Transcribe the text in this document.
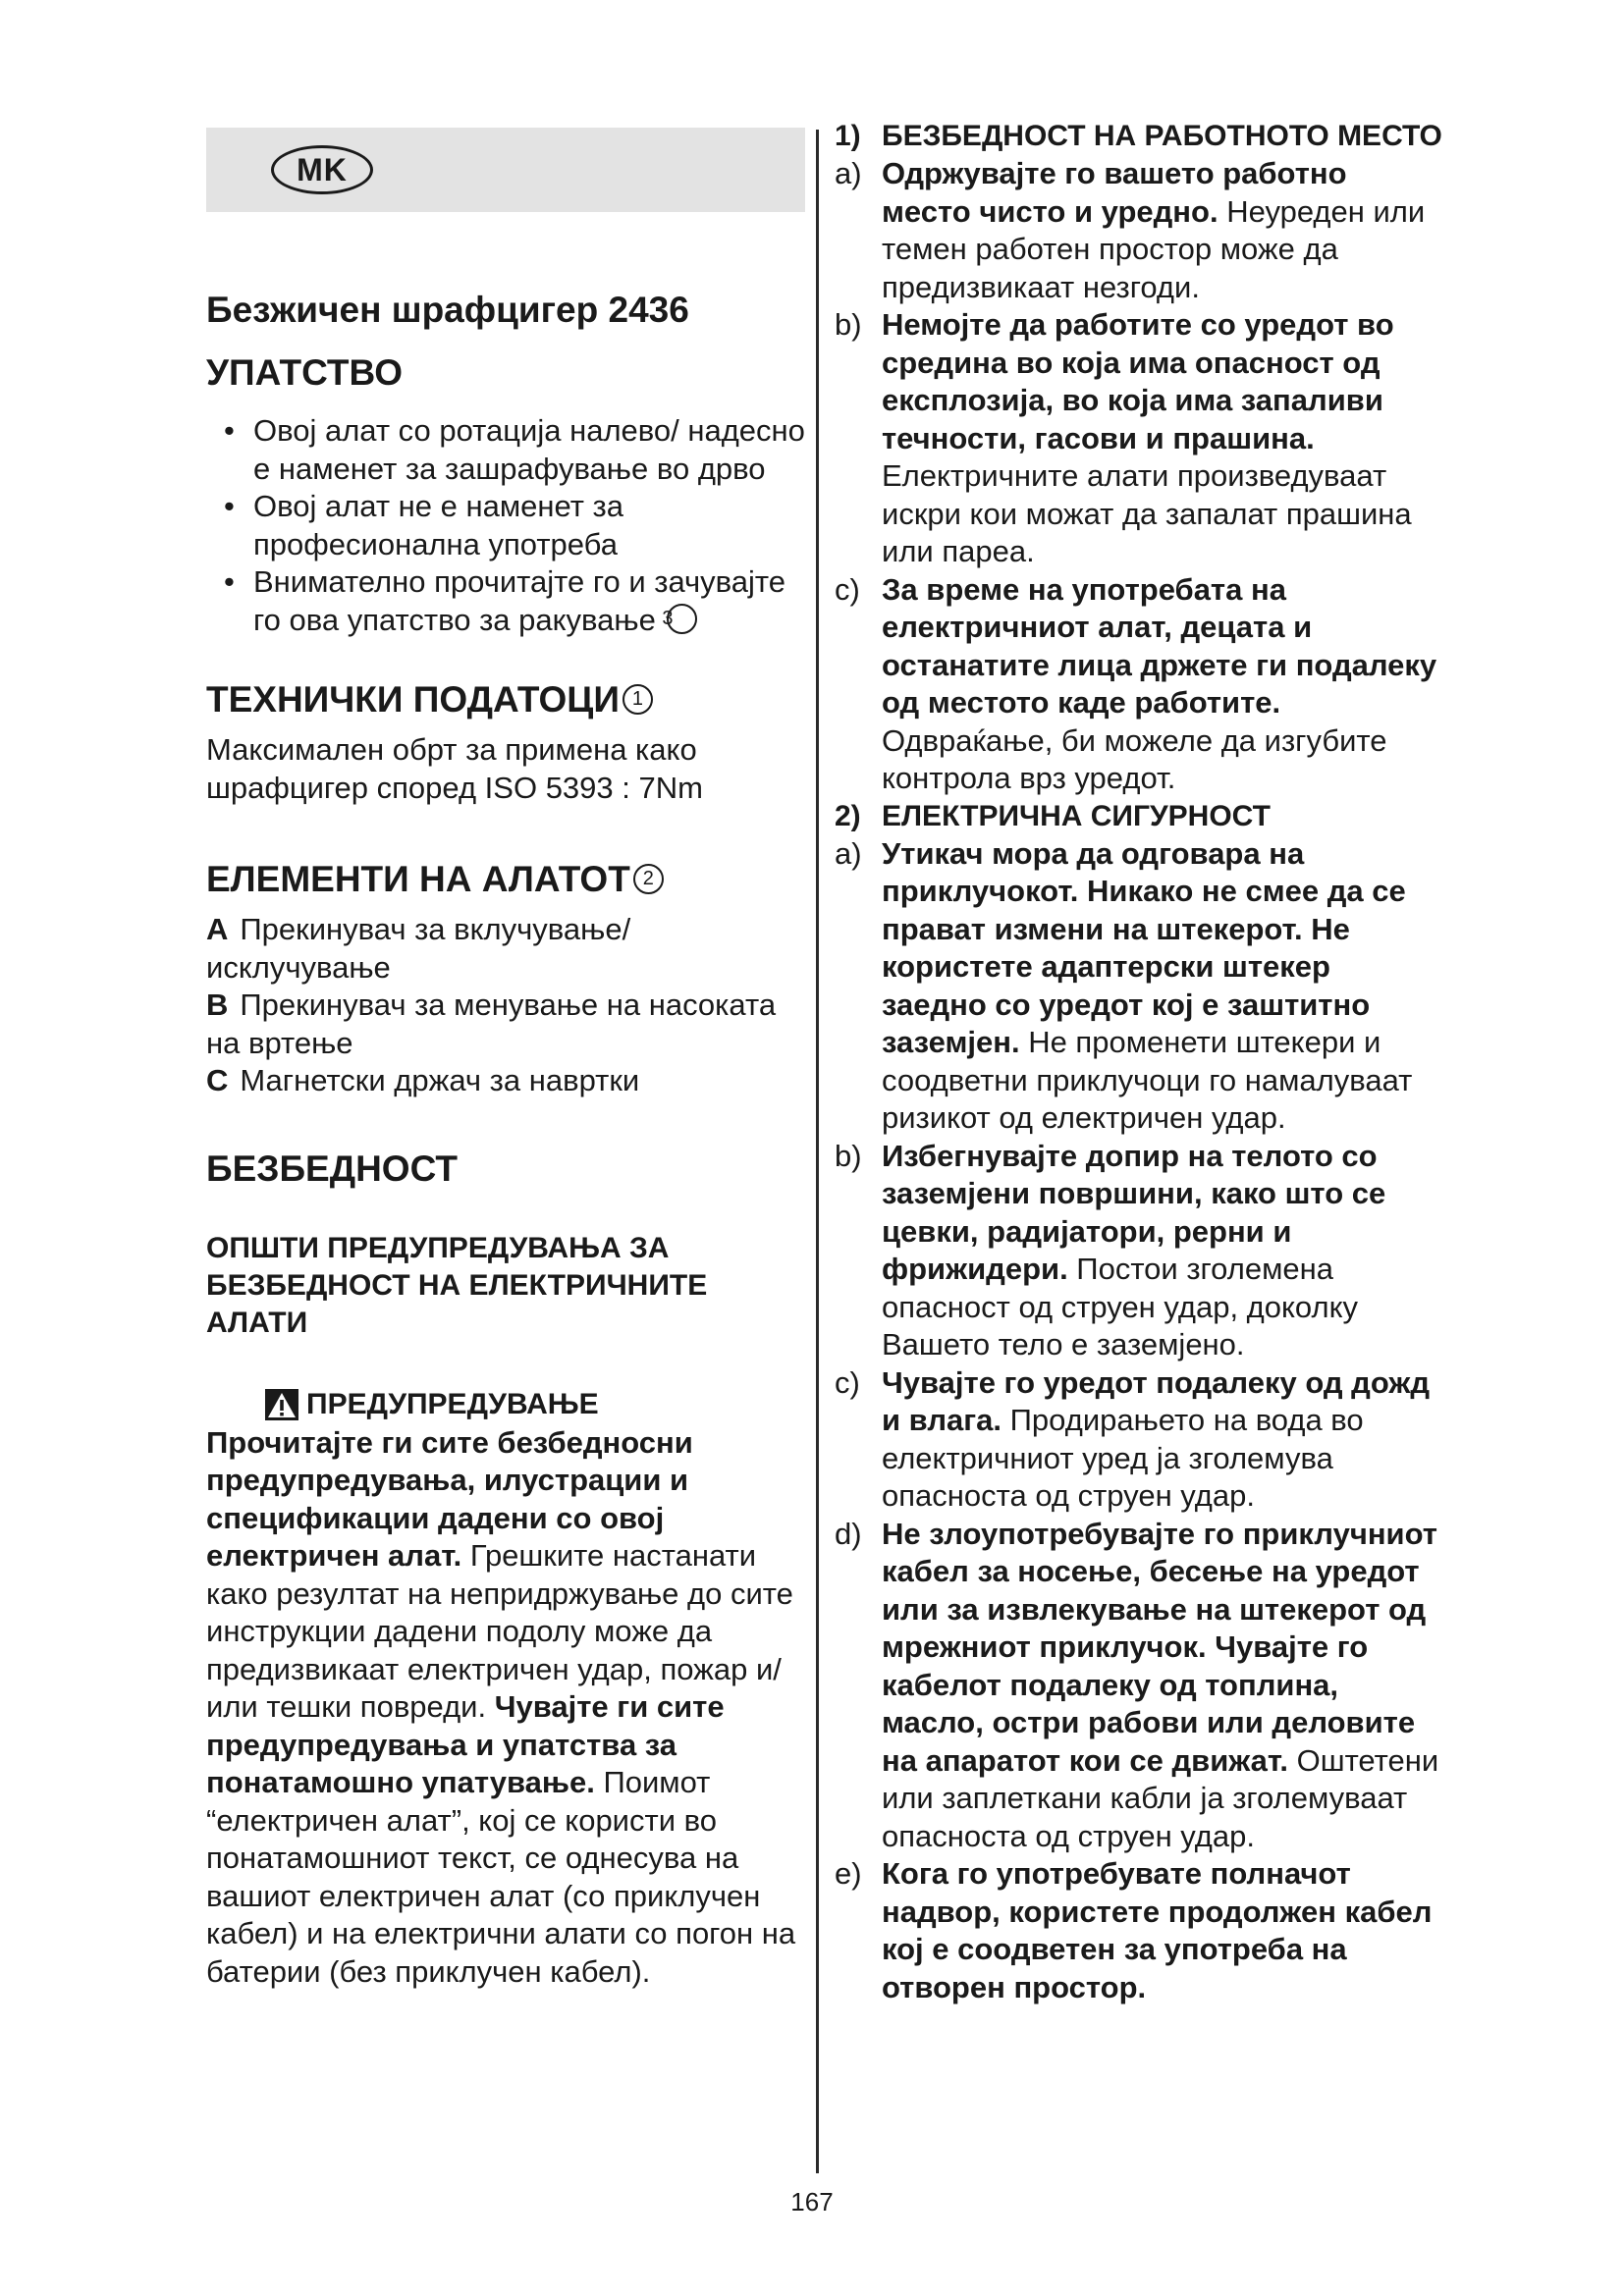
MK
Безжичен шрафцигер 2436
УПАТСТВО
• Овој алат со ротација налево/ надесно е наменет за зашрафување во дрво
• Овој алат не е наменет за професионална употреба
• Внимателно прочитајте го и зачувајте го ова упатство за ракување 3
ТЕХНИЧКИ ПОДАТОЦИ 1

Максимален обрт за примена како шрафцигер според ISO 5393 : 7Nm

ЕЛЕМЕНТИ НА АЛАТОТ 2
A Прекинувач за вклучување/ исклучување
B Прекинувач за менување на насоката на вртење
C Магнетски држач за навртки
БЕЗБЕДНОСТ
ОПШТИ ПРЕДУПРЕДУВАЊА ЗА БЕЗБЕДНОСТ НА ЕЛЕКТРИЧНИТЕ АЛАТИ
ПРЕДУПРЕДУВАЊЕ

Прочитајте ги сите безбедносни предупредувања, илустрации и спецификации дадени со овој електричен алат. Грешките настанати како резултат на непридржување до сите инструкции дадени подолу може да предизвикаат електричен удар, пожар и/или тешки повреди. Чувајте ги сите предупредувања и упатства за понатамошно упатување. Поимот “електричен алат”, кој се користи во понатамошниот текст, се однесува на вашиот електричен алат (со приклучен кабел) и на електрични алати со погон на батерии (без приклучен кабел).

1) БЕЗБЕДНОСТ НА РАБОТНОТО МЕСТО
a) Одржувајте го вашето работно место чисто и уредно. Неуреден или темен работен простор може да предизвикаат незгоди.
b) Немојте да работите со уредот во средина во која има опасност од експлозија, во која има запаливи течности, гасови и прашина. Електричните алати произведуваат искри кои можат да запалат прашина или пареа.
c) За време на употребата на електричниот алат, децата и останатите лица држете ги подалеку од местото каде работите. Одвраќање, би можеле да изгубите контрола врз уредот.
2) ЕЛЕКТРИЧНА СИГУРНОСТ
a) Утикач мора да одговара на приклучокот. Никако не смее да се прават измени на штекерот. Не користете адаптерски штекер заедно со уредот кој е заштитно заземјен. Не променети штекери и соодветни приклучоци го намалуваат ризикот од електричен удар.
b) Избегнувајте допир на телото со заземјени површини, како што се цевки, радијатори, рерни и фрижидери. Постои зголемена опасност од струен удар, доколку Вашето тело е заземјено.
c) Чувајте го уредот подалеку од дожд и влага. Продирањето на вода во електричниот уред ја зголемува опасноста од струен удар.
d) Не злоупотребувајте го приклучниот кабел за носење, бесење на уредот или за извлекување на штекерот од мрежниот приклучок. Чувајте го кабелот подалеку од топлина, масло, остри рабови или деловите на апаратот кои се движат. Оштетени или заплеткани кабли ја зголемуваат опасноста од струен удар.
e) Кога го употребувате полначот надвор, користете продолжен кабел кој е соодветен за употреба на отворен простор.
167
